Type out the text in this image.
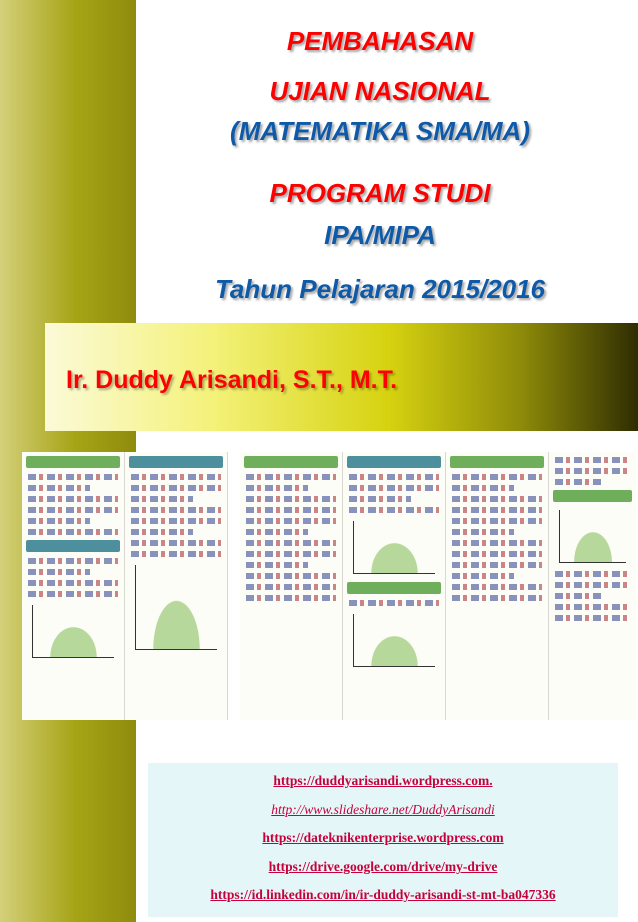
PEMBAHASAN
UJIAN NASIONAL
(MATEMATIKA SMA/MA)
PROGRAM STUDI
IPA/MIPA
Tahun Pelajaran 2015/2016
Ir. Duddy Arisandi, S.T., M.T.
https://duddyarisandi.wordpress.com.
http://www.slideshare.net/DuddyArisandi
https://dateknikenterprise.wordpress.com
https://drive.google.com/drive/my-drive
https://id.linkedin.com/in/ir-duddy-arisandi-st-mt-ba047336
